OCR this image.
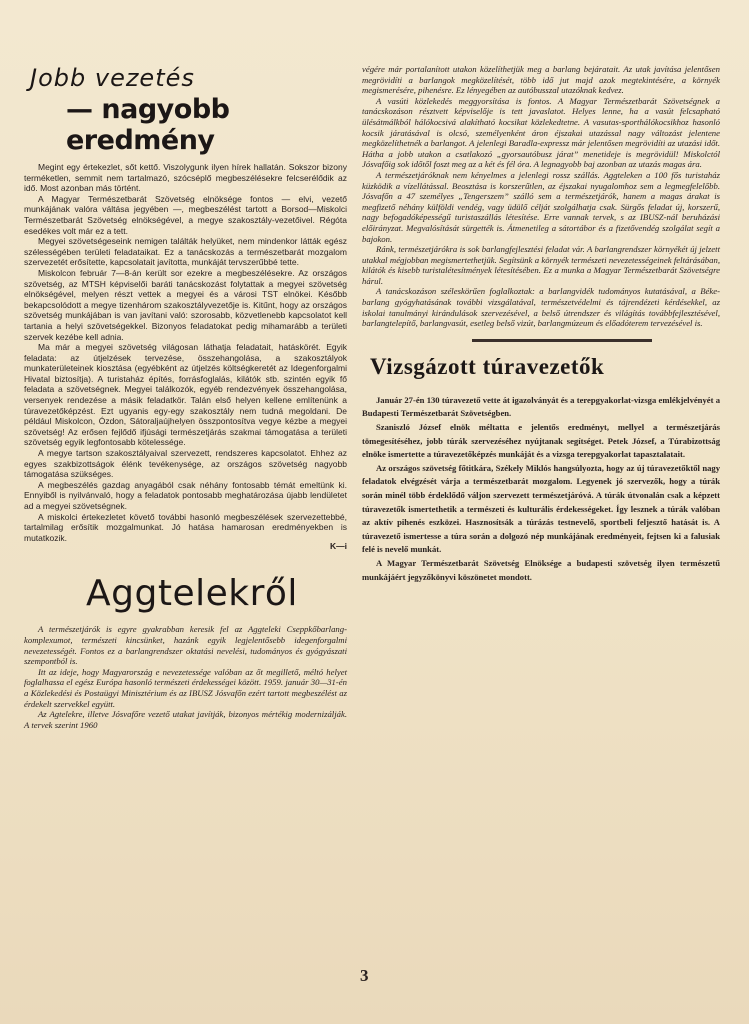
Jobb vezetés
— nagyobb eredmény

Megint egy értekezlet, sőt kettő. Viszolygunk ilyen hírek hallatán. Sokszor bizony terméketlen, semmit nem tartalmazó, szócséplő megbeszélésekre felcserélődik az idő. Most azonban más történt.

A Magyar Természetbarát Szövetség elnöksége fontos — elvi, vezető munkájának valóra váltása jegyében —, megbeszélést tartott a Borsod—Miskolci Természetbarát Szövetség elnökségével, a megye szakosztály-vezetőivel. Régóta esedékes volt már ez a tett.

Megyei szövetségeseink nemigen találták helyüket, nem mindenkor látták egész szélességében területi feladataikat. Ez a tanácskozás a természetbarát mozgalom szervezetét erősítette, kapcsolatait javította, munkáját tervszerűbbé tette.

Miskolcon február 7—8-án került sor ezekre a megbeszélésekre. Az országos szövetség, az MTSH képviselői baráti tanácskozást folytattak a megyei szövetség elnökségével, melyen részt vettek a megyei és a városi TST elnökei. Később bekapcsolódott a megye tizenhárom szakosztályvezetője is. Kitűnt, hogy az országos szövetség munkájában is van javítani való: szorosabb, közvetlenebb kapcsolatot kell tartania a helyi szövetségekkel. Bizonyos feladatokat pedig mihamarább a területi szervek kezébe kell adnia.

Ma már a megyei szövetség világosan láthatja feladatait, hatáskörét. Egyik feladata: az útjelzések tervezése, összehangolása, a szakosztályok munkaterületeinek kiosztása (egyébként az útjelzés költségkeretét az Idegenforgalmi Hivatal biztosítja). A turistaház építés, forrásfoglalás, kilátók stb. szintén egyik fő feladata a szövetségnek. Megyei találkozók, egyéb rendezvények összehangolása, versenyek rendezése a másik feladatkör. Talán első helyen kellene említenünk a túravezetőképzést. Ezt ugyanis egy-egy szakosztály nem tudná megoldani. De például Miskolcon, Ózdon, Sátoraljaújhelyen összpontosítva vegye kézbe a megyei szövetség! Az erősen fejlődő ifjúsági természetjárás szakmai támogatása a területi szövetség egyik legfontosabb kötelessége.

A megye tartson szakosztályaival szervezett, rendszeres kapcsolatot. Ehhez az egyes szakbizottságok élénk tevékenysége, az országos szövetség nagyobb támogatása szükséges.

A megbeszélés gazdag anyagából csak néhány fontosabb témát emeltünk ki. Ennyiből is nyilvánvaló, hogy a feladatok pontosabb meghatározása újabb lendületet ad a megyei szövetségnek.

A miskolci értekezletet követő további hasonló megbeszélések szervezettebbé, tartalmilag erősítik mozgalmunkat. Jó hatása hamarosan eredményekben is mutatkozik.

K—i
Aggtelekről

A természetjárók is egyre gyakrabban keresik fel az Aggteleki Cseppkőbarlang-komplexumot, természeti kincsünket, hazánk egyik legjelentősebb idegenforgalmi nevezetességét. Fontos ez a barlangrendszer oktatási nevelési, tudományos és gyógyászati szempontból is.

Itt az ideje, hogy Magyarország e nevezetessége valóban az őt megillető, méltó helyet foglalhassa el egész Európa hasonló természeti érdekességei között. 1959. január 30—31-én a Közlekedési és Postaügyi Minisztérium és az IBUSZ Jósvafőn ezért tartott megbeszélést az érdekelt szervekkel együtt.

Az Agtelekre, illetve Jósvafőre vezető utakat javítják, bizonyos mértékig modernizálják. A tervek szerint 1960

végére már portalanított utakon közelíthetjük meg a barlang bejáratait. Az utak javítása jelentősen megrövidíti a barlangok megközelítését, több idő jut majd azok megtekintésére, a környék megismerésére, pihenésre. Ez lényegében az autóbusszal utazóknak kedvez.

A vasúti közlekedés meggyorsítása is fontos. A Magyar Természetbarát Szövetségnek a tanácskozáson résztvett képviselője is tett javaslatot. Helyes lenne, ha a vasút felcsapható ülésátmálkból hálókocsivá alakítható kocsikat közlekedtetne. A vasutas-sporthálókocsikhoz hasonló kocsik járatásával is olcsó, személyenként áron éjszakai utazással nagy változást jelentene megközelíthetnék a barlangot. A jelenlegi Baradla-expressz már jelentősen megrövidíti az utazási időt. Hátha a jobb utakon a csatlakozó „gyorsautóbusz járat” menetideje is megrövidül! Miskolctól Jósvafőig sok időtől foszt meg az a két és fél óra. A legnagyobb baj azonban az utazás magas ára.

A természetjáróknak nem kényelmes a jelenlegi rossz szállás. Aggteleken a 100 fős turistaház küzködik a vízellátással. Beosztása is korszerűtlen, az éjszakai nyugalomhoz sem a legmegfelelőbb. Jósvafőn a 47 személyes „Tengerszem” szálló sem a természetjárók, hanem a magas árakat is megfizető néhány külföldi vendég, vagy üdülő célját szolgálhatja csak. Sürgős feladat új, korszerű, nagy befogadóképességű turistaszállás létesítése. Erre vannak tervek, s az IBUSZ-nál beruházási előirányzat. Megvalósítását sürgették is. Átmenetileg a sátortábor és a fizetővendég szolgálat segít a bajokon.

Ránk, természetjárókra is sok barlangfejlesztési feladat vár. A barlangrendszer környékét új jelzett utakkal mégjobban megismertethetjük. Segítsünk a környék természeti nevezetességeinek feltárásában, kilátók és kisebb turistalétesítmények létesítésében. Ez a munka a Magyar Természetbarát Szövetségre hárul.

A tanácskozáson széleskörűen foglalkoztak: a barlangvidék tudományos kutatásával, a Béke-barlang gyógyhatásának további vizsgálatával, természetvédelmi és tájrendézeti kérdésekkel, az iskolai tanulmányi kirándulások szervezésével, a belső útrendszer és világítás továbbfejlesztésével, barlangtelepítő, barlangvasút, esetleg belső vizút, barlangmúzeum és előadóterem tervezésével is.

Vizsgázott túravezetők

Január 27-én 130 túravezető vette át igazolványát és a terepgyakorlat-vizsga emlékjelvényét a Budapesti Természetbarát Szövetségben.

Szaniszló József elnök méltatta e jelentős eredményt, mellyel a természetjárás tömegesítéséhez, jobb túrák szervezéséhez nyújtanak segítséget. Petek József, a Túrabizottság elnöke ismertette a túravezetőképzés munkáját és a vizsga terepgyakorlat tapasztalatait.

Az országos szövetség főtitkára, Székely Miklós hangsúlyozta, hogy az új túravezetőktől nagy feladatok elvégzését várja a természetbarát mozgalom. Legyenek jó szervezők, hogy a túrák során minél több érdeklődő váljon szervezett természetjáróvá. A túrák útvonalán csak a képzett túravezetők ismertethetik a természeti és kulturális érdekességeket. Így lesznek a túrák valóban az aktív pihenés eszközei. Hasznosítsák a túrázás testnevelő, sportbeli feljesztő hatását is. A túravezető ismertesse a túra során a dolgozó nép munkájának eredményeit, fejtsen ki a falusiak felé is nevelő munkát.

A Magyar Természetbarát Szövetség Elnöksége a budapesti szövetség ilyen természetű munkájáért jegyzőkönyvi köszönetet mondott.

3
